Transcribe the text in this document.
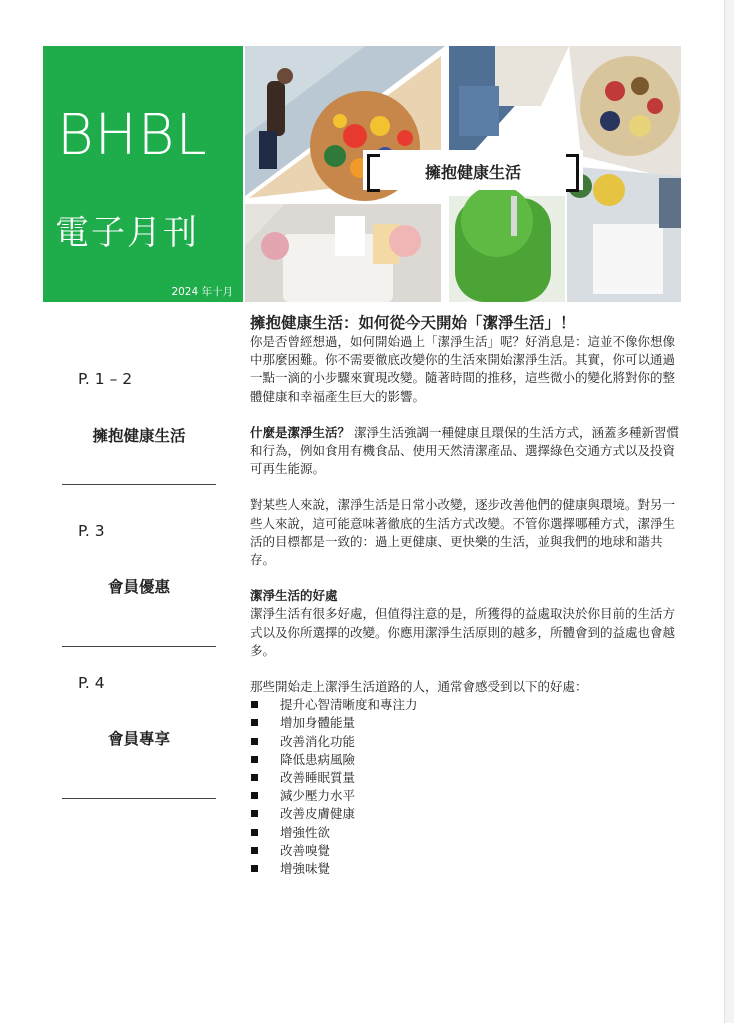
BHBL
電子月刊
2024 年十月
擁抱健康生活
P. 1 – 2
擁抱健康生活
P. 3
會員優惠
P. 4
會員專享

擁抱健康生活：如何從今天開始「潔淨生活」！

你是否曾經想過，如何開始過上「潔淨生活」呢？好消息是：這並不像你想像中那麼困難。你不需要徹底改變你的生活來開始潔淨生活。其實，你可以通過一點一滴的小步驟來實現改變。隨著時間的推移，這些微小的變化將對你的整體健康和幸福產生巨大的影響。

什麼是潔淨生活？ 潔淨生活強調一種健康且環保的生活方式，涵蓋多種新習慣和行為，例如食用有機食品、使用天然清潔產品、選擇綠色交通方式以及投資可再生能源。

對某些人來說，潔淨生活是日常小改變，逐步改善他們的健康與環境。對另一些人來說，這可能意味著徹底的生活方式改變。不管你選擇哪種方式，潔淨生活的目標都是一致的：過上更健康、更快樂的生活，並與我們的地球和諧共存。

潔淨生活的好處

潔淨生活有很多好處，但值得注意的是，所獲得的益處取決於你目前的生活方式以及你所選擇的改變。你應用潔淨生活原則的越多，所體會到的益處也會越多。

那些開始走上潔淨生活道路的人，通常會感受到以下的好處：

提升心智清晰度和專注力
增加身體能量
改善消化功能
降低患病風險
改善睡眠質量
減少壓力水平
改善皮膚健康
增強性欲
改善嗅覺
增強味覺
